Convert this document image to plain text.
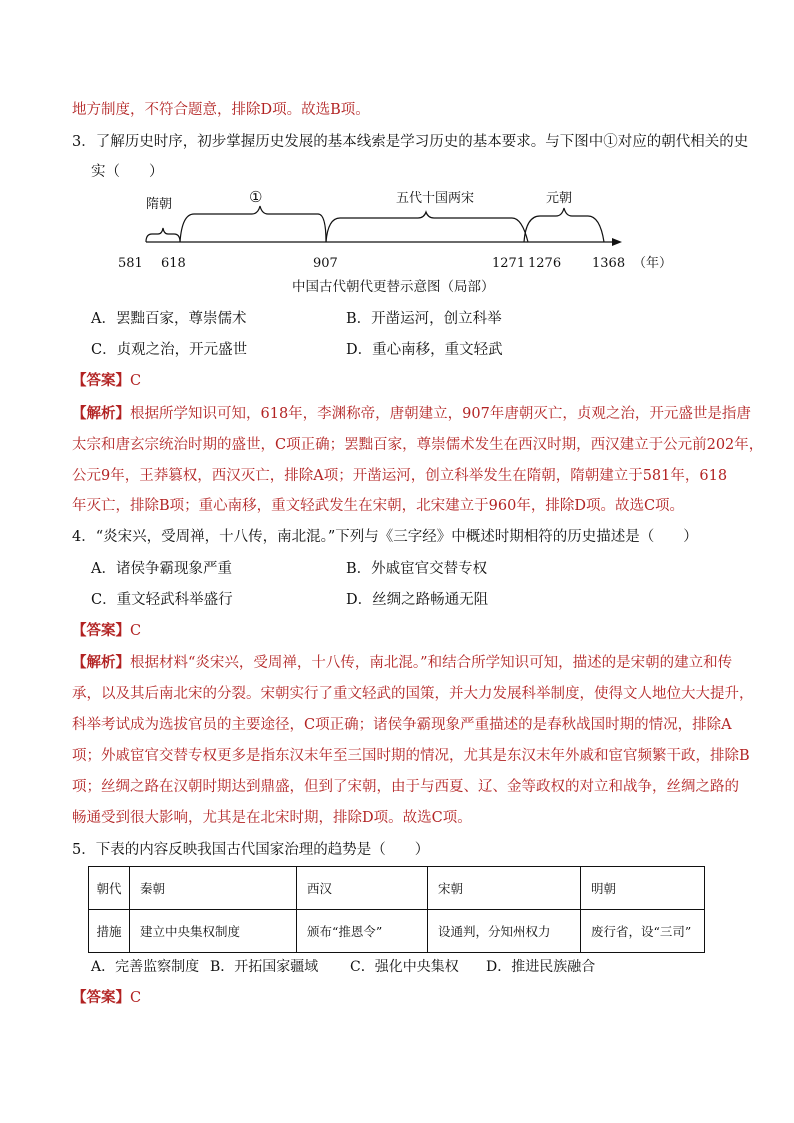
地方制度，不符合题意，排除D项。故选B项。
3．了解历史时序，初步掌握历史发展的基本线索是学习历史的基本要求。与下图中①对应的朝代相关的史
实（　　）
隋朝	①	五代十国两宋	元朝
581 618	907	1271 1276 1368 （年）
中国古代朝代更替示意图（局部）
A．罢黜百家，尊崇儒术	B．开凿运河，创立科举
C．贞观之治，开元盛世	D．重心南移，重文轻武
【答案】C
【解析】根据所学知识可知，618年，李渊称帝，唐朝建立，907年唐朝灭亡，贞观之治，开元盛世是指唐
太宗和唐玄宗统治时期的盛世，C项正确；罢黜百家，尊崇儒术发生在西汉时期，西汉建立于公元前202年，
公元9年，王莽篡权，西汉灭亡，排除A项；开凿运河，创立科举发生在隋朝，隋朝建立于581年，618
年灭亡，排除B项；重心南移，重文轻武发生在宋朝，北宋建立于960年，排除D项。故选C项。
4．“炎宋兴，受周禅，十八传，南北混。”下列与《三字经》中概述时期相符的历史描述是（　　）
A．诸侯争霸现象严重	B．外戚宦官交替专权
C．重文轻武科举盛行	D．丝绸之路畅通无阻
【答案】C
【解析】根据材料“炎宋兴，受周禅，十八传，南北混。”和结合所学知识可知，描述的是宋朝的建立和传
承，以及其后南北宋的分裂。宋朝实行了重文轻武的国策，并大力发展科举制度，使得文人地位大大提升，
科举考试成为选拔官员的主要途径，C项正确；诸侯争霸现象严重描述的是春秋战国时期的情况，排除A
项；外戚宦官交替专权更多是指东汉末年至三国时期的情况，尤其是东汉末年外戚和宦官频繁干政，排除B
项；丝绸之路在汉朝时期达到鼎盛，但到了宋朝，由于与西夏、辽、金等政权的对立和战争，丝绸之路的
畅通受到很大影响，尤其是在北宋时期，排除D项。故选C项。
5．下表的内容反映我国古代国家治理的趋势是（　　）
朝代	秦朝	西汉	宋朝	明朝
措施	建立中央集权制度	颁布“推恩令”	设通判，分知州权力	废行省，设“三司”
A．完善监察制度 B．开拓国家疆域 C．强化中央集权 D．推进民族融合
【答案】C
